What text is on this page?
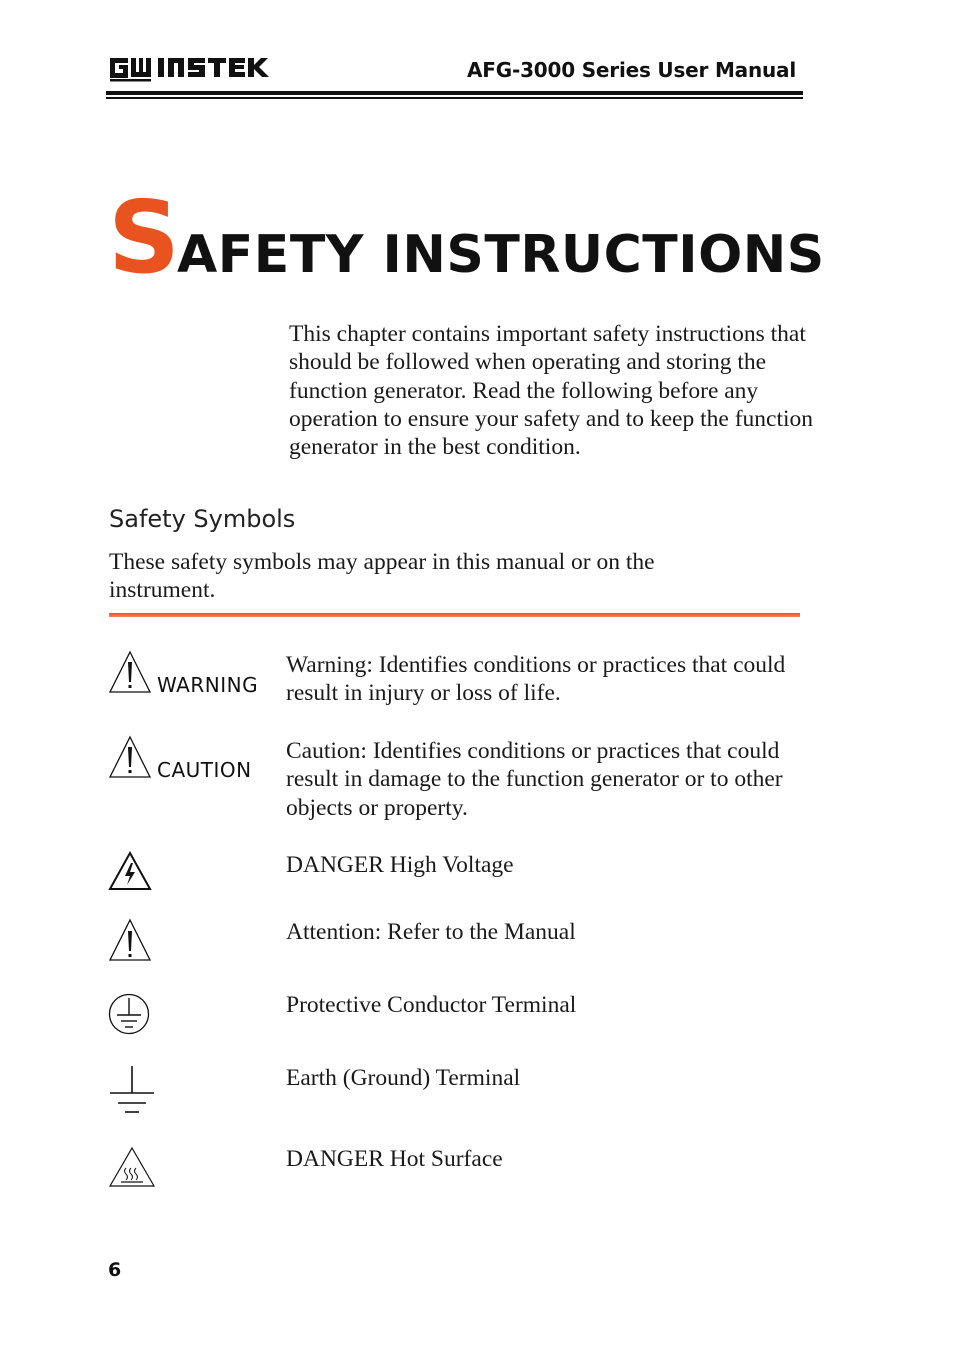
AFG-3000 Series User Manual
SAFETY INSTRUCTIONS
This chapter contains important safety instructions that should be followed when operating and storing the function generator. Read the following before any operation to ensure your safety and to keep the function generator in the best condition.
Safety Symbols
These safety symbols may appear in this manual or on the instrument.
WARNING
Warning: Identifies conditions or practices that could result in injury or loss of life.
CAUTION
Caution: Identifies conditions or practices that could result in damage to the function generator or to other objects or property.
DANGER High Voltage
Attention: Refer to the Manual
Protective Conductor Terminal
Earth (Ground) Terminal
DANGER Hot Surface
6
